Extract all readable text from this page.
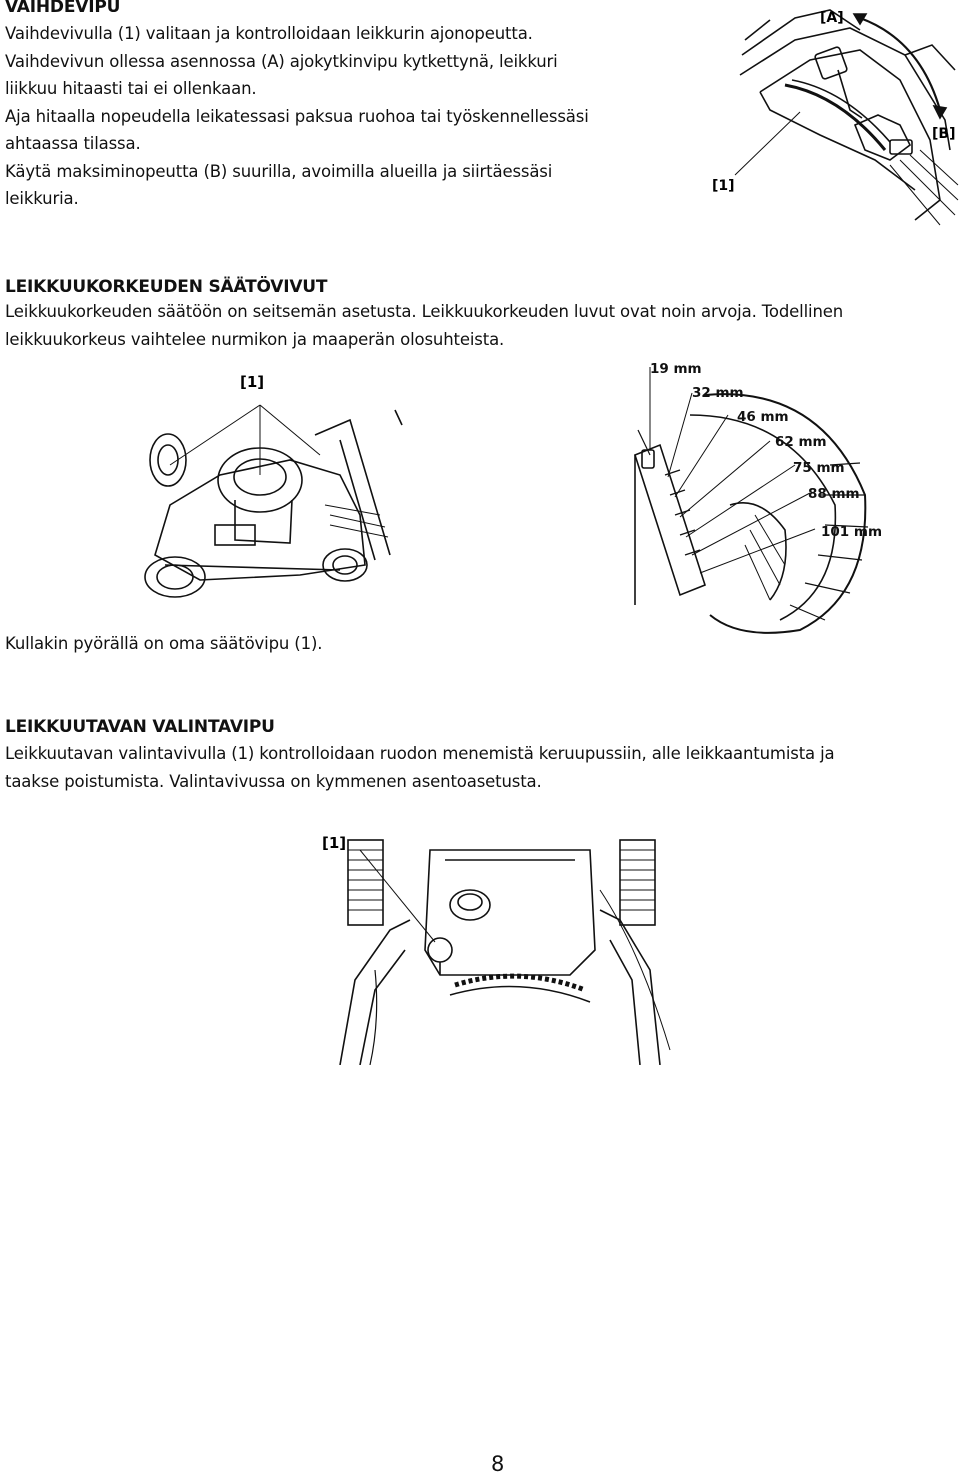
VAIHDEVIPU
Vaihdevivulla (1) valitaan ja kontrolloidaan leikkurin ajonopeutta.
Vaihdevivun ollessa asennossa (A) ajokytkinvipu kytkettynä, leikkuri
liikkuu hitaasti tai ei ollenkaan.
Aja hitaalla nopeudella leikatessasi paksua ruohoa tai työskennellessäsi
ahtaassa tilassa.
Käytä maksiminopeutta (B) suurilla, avoimilla alueilla ja siirtäessäsi
leikkuria.
[A]
[B]
[1]
LEIKKUUKORKEUDEN SÄÄTÖVIVUT
Leikkuukorkeuden säätöön on seitsemän asetusta. Leikkuukorkeuden luvut ovat noin arvoja. Todellinen
leikkuukorkeus vaihtelee nurmikon ja maaperän olosuhteista.
[1]
19 mm
32 mm
46 mm
62 mm
75 mm
88 mm
101 mm
Kullakin pyörällä on oma säätövipu (1).
LEIKKUUTAVAN VALINTAVIPU
Leikkuutavan valintavivulla (1) kontrolloidaan ruodon menemistä keruupussiin, alle leikkaantumista ja
taakse poistumista. Valintavivussa on kymmenen asentoasetusta.
[1]
8
